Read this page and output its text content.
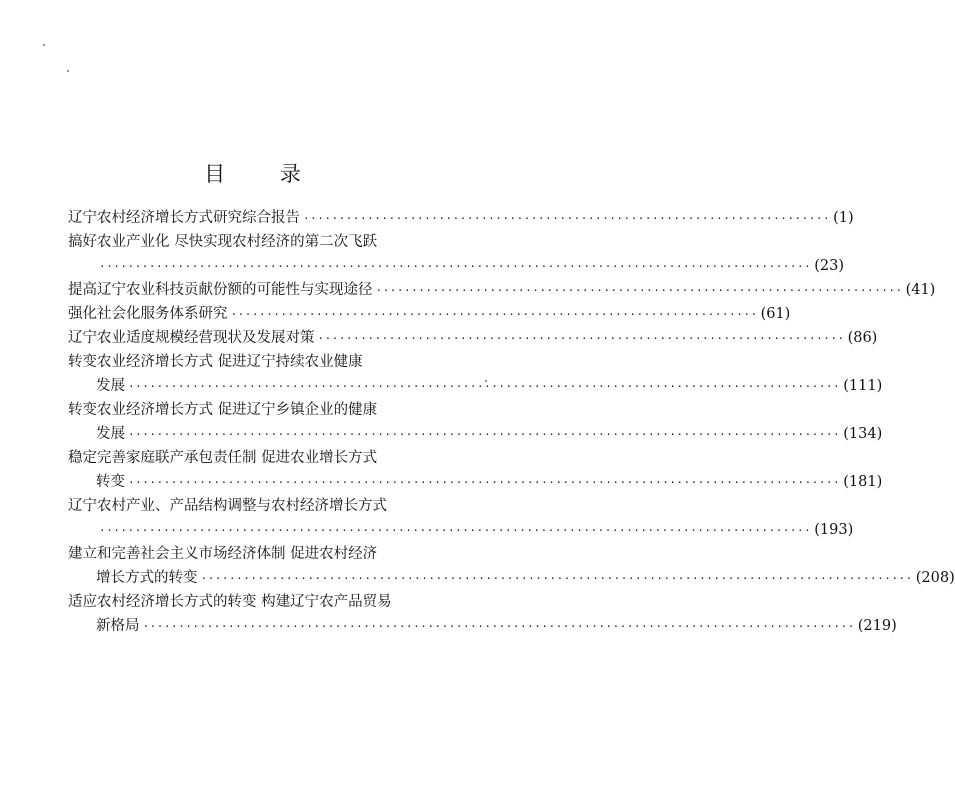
目 录
辽宁农村经济增长方式研究综合报告 ·········································································· (1)
搞好农业产业化 尽快实现农村经济的第二次飞跃
···································································································· (23)
提高辽宁农业科技贡献份额的可能性与实现途径 ·········································································· (41)
强化社会化服务体系研究 ·········································································· (61)
辽宁农业适度规模经营现状及发展对策 ·········································································· (86)
转变农业经济增长方式 促进辽宁持续农业健康
发展 ···································································································· (111)
转变农业经济增长方式 促进辽宁乡镇企业的健康
发展 ···································································································· (134)
稳定完善家庭联产承包责任制 促进农业增长方式
转变 ···································································································· (181)
辽宁农村产业、产品结构调整与农村经济增长方式
···································································································· (193)
建立和完善社会主义市场经济体制 促进农村经济
增长方式的转变 ···································································································· (208)
适应农村经济增长方式的转变 构建辽宁农产品贸易
新格局 ···································································································· (219)
